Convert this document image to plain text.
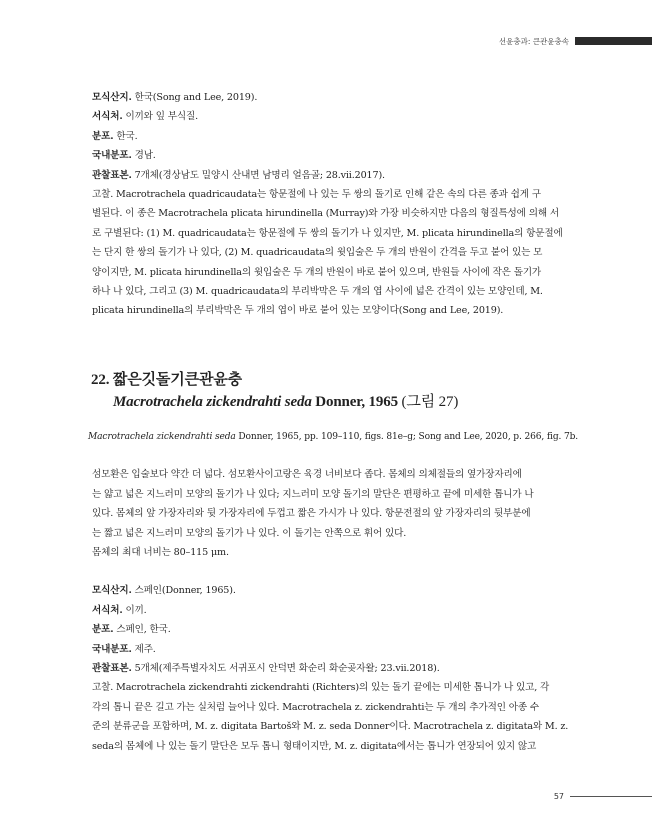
선윤충과: 큰관윤충속

모식산지. 한국(Song and Lee, 2019).

서식처. 이끼와 잎 부식질.

분포. 한국.

국내분포. 경남.

관찰표본. 7개체(경상남도 밀양시 산내면 남명리 얼음골; 28.vii.2017).

고찰. Macrotrachela quadricaudata는 항문절에 나 있는 두 쌍의 돌기로 인해 같은 속의 다른 종과 쉽게 구
별된다. 이 종은 Macrotrachela plicata hirundinella (Murray)와 가장 비슷하지만 다음의 형질특성에 의해 서
로 구별된다: (1) M. quadricaudata는 항문절에 두 쌍의 돌기가 나 있지만, M. plicata hirundinella의 항문절에
는 단지 한 쌍의 돌기가 나 있다, (2) M. quadricaudata의 윗입술은 두 개의 반원이 간격을 두고 붙어 있는 모
양이지만, M. plicata hirundinella의 윗입술은 두 개의 반원이 바로 붙어 있으며, 반원들 사이에 작은 돌기가
하나 나 있다, 그리고 (3) M. quadricaudata의 부리박막은 두 개의 엽 사이에 넓은 간격이 있는 모양인데, M.
plicata hirundinella의 부리박막은 두 개의 엽이 바로 붙어 있는 모양이다(Song and Lee, 2019).
22. 짧은깃돌기큰관윤충
Macrotrachela zickendrahti seda Donner, 1965 (그림 27)
Macrotrachela zickendrahti seda Donner, 1965, pp. 109–110, figs. 81e–g; Song and Lee, 2020, p. 266, fig. 7b.
섬모환은 입술보다 약간 더 넓다. 섬모환사이고랑은 육경 너비보다 좁다. 몸체의 의체절들의 옆가장자리에
는 얇고 넓은 지느러미 모양의 돌기가 나 있다; 지느러미 모양 돌기의 말단은 편평하고 끝에 미세한 톱니가 나
있다. 몸체의 앞 가장자리와 뒷 가장자리에 두껍고 짧은 가시가 나 있다. 항문전절의 앞 가장자리의 뒷부분에
는 짧고 넓은 지느러미 모양의 돌기가 나 있다. 이 돌기는 안쪽으로 휘어 있다.
몸체의 최대 너비는 80–115 μm.

모식산지. 스페인(Donner, 1965).

서식처. 이끼.

분포. 스페인, 한국.

국내분포. 제주.

관찰표본. 5개체(제주특별자치도 서귀포시 안덕면 화순리 화순곶자왈; 23.vii.2018).

고찰. Macrotrachela zickendrahti zickendrahti (Richters)의 있는 돌기 끝에는 미세한 톱니가 나 있고, 각
각의 톱니 끝은 길고 가는 실처럼 늘어나 있다. Macrotrachela z. zickendrahti는 두 개의 추가적인 아종 수
준의 분류군을 포함하며, M. z. digitata Bartoš와 M. z. seda Donner이다. Macrotrachela z. digitata와 M. z.
seda의 몸체에 나 있는 돌기 말단은 모두 톱니 형태이지만, M. z. digitata에서는 톱니가 연장되어 있지 않고
57
